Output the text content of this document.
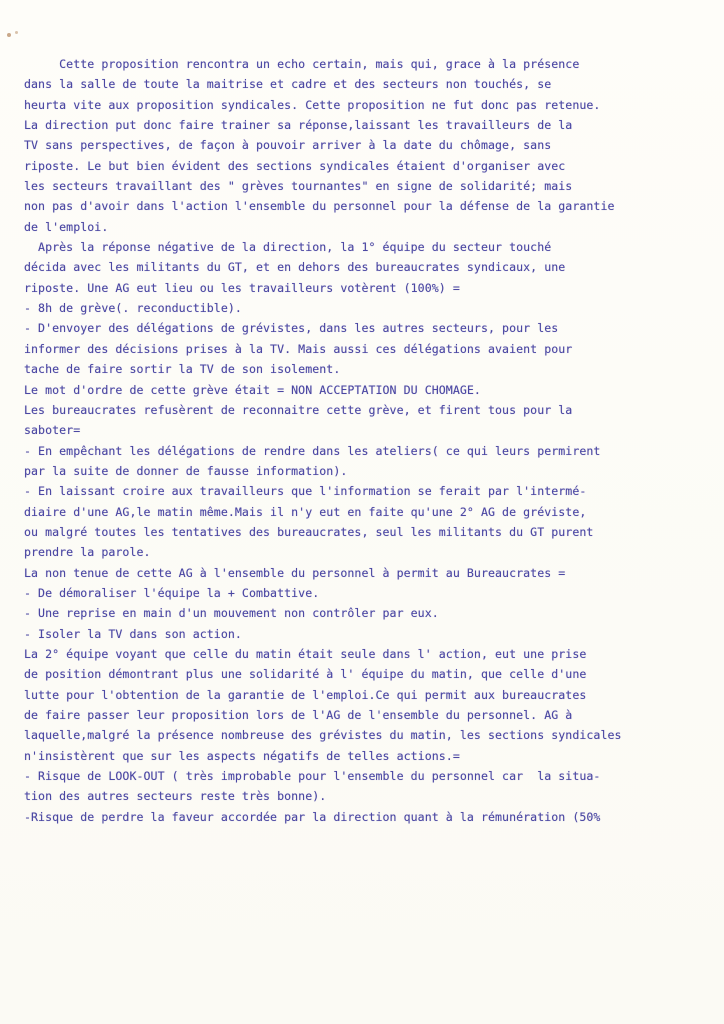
Cette proposition rencontra un echo certain, mais qui, grace à la présence
dans la salle de toute la maitrise et cadre et des secteurs non touchés, se
heurta vite aux proposition syndicales. Cette proposition ne fut donc pas retenue.
La direction put donc faire trainer sa réponse,laissant les travailleurs de la
TV sans perspectives, de façon à pouvoir arriver à la date du chômage, sans
riposte. Le but bien évident des sections syndicales étaient d'organiser avec
les secteurs travaillant des " grèves tournantes" en signe de solidarité; mais
non pas d'avoir dans l'action l'ensemble du personnel pour la défense de la garantie
de l'emploi.
Après la réponse négative de la direction, la 1° équipe du secteur touché
décida avec les militants du GT, et en dehors des bureaucrates syndicaux, une
riposte. Une AG eut lieu ou les travailleurs votèrent (100%) =
- 8h de grève(. reconductible).
- D'envoyer des délégations de grévistes, dans les autres secteurs, pour les
informer des décisions prises à la TV. Mais aussi ces délégations avaient pour
tache de faire sortir la TV de son isolement.
Le mot d'ordre de cette grève était = NON ACCEPTATION DU CHOMAGE.
Les bureaucrates refusèrent de reconnaitre cette grève, et firent tous pour la
saboter=
- En empêchant les délégations de rendre dans les ateliers( ce qui leurs permirent
par la suite de donner de fausse information).
- En laissant croire aux travailleurs que l'information se ferait par l'intermé-
diaire d'une AG,le matin même.Mais il n'y eut en faite qu'une 2° AG de gréviste,
ou malgré toutes les tentatives des bureaucrates, seul les militants du GT purent
prendre la parole.
La non tenue de cette AG à l'ensemble du personnel à permit au Bureaucrates =
- De démoraliser l'équipe la + Combattive.
- Une reprise en main d'un mouvement non contrôler par eux.
- Isoler la TV dans son action.
La 2° équipe voyant que celle du matin était seule dans l' action, eut une prise
de position démontrant plus une solidarité à l' équipe du matin, que celle d'une
lutte pour l'obtention de la garantie de l'emploi.Ce qui permit aux bureaucrates
de faire passer leur proposition lors de l'AG de l'ensemble du personnel. AG à
laquelle,malgré la présence nombreuse des grévistes du matin, les sections syndicales
n'insistèrent que sur les aspects négatifs de telles actions.=
- Risque de LOOK-OUT ( très improbable pour l'ensemble du personnel car  la situa-
tion des autres secteurs reste très bonne).
-Risque de perdre la faveur accordée par la direction quant à la rémunération (50%
